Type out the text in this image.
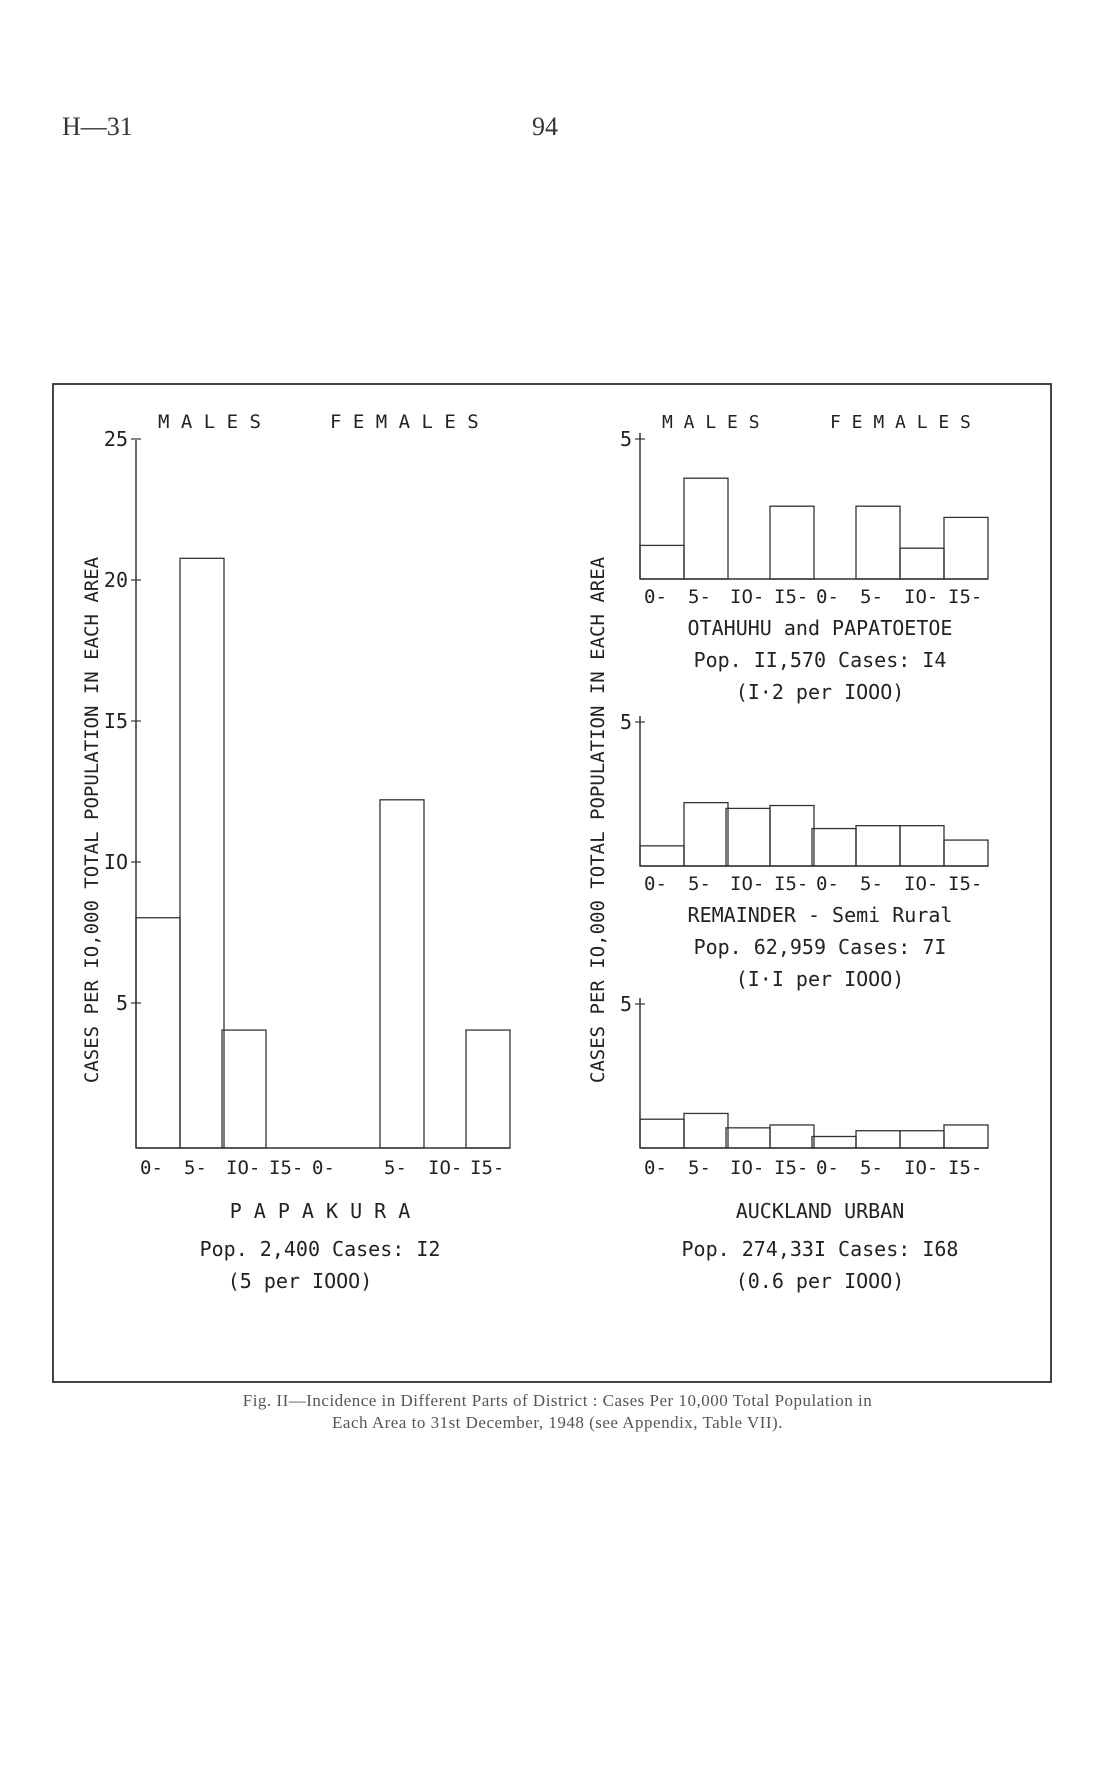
H—31	94
5
IO
I5
20
25
0- 5- IO- I5- 0-	5- IO- I5-
M A L E S	F E M A L E S
P A P A K U R A
Pop. 2,400 Cases: I2
(5 per IOOO)
5
0- 5- IO- I5- 0- 5- IO- I5-
M A L E S	F E M A L E S
OTAHUHU and PAPATOETOE
Pop. II,570 Cases: I4
(I·2 per IOOO)
5
0- 5- IO- I5- 0- 5- IO- I5-
REMAINDER - Semi Rural
Pop. 62,959 Cases: 7I
(I·I per IOOO)
5
0- 5- IO- I5- 0- 5- IO- I5-
AUCKLAND URBAN
Pop. 274,33I Cases: I68
(0.6 per IOOO)
CASES PER IO,000 TOTAL POPULATION IN EACH AREA	CASES PER IO,000 TOTAL POPULATION IN EACH AREA
Fig. II—Incidence in Different Parts of District : Cases Per 10,000 Total Population in
Each Area to 31st December, 1948 (see Appendix, Table VII).
